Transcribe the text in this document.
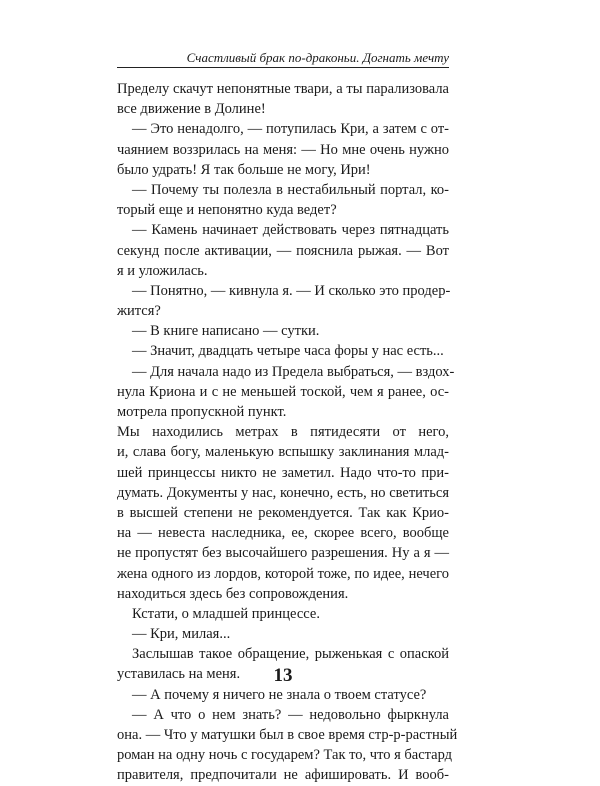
Счастливый брак по-драконьи. Догнать мечту
Пределу скачут непонятные твари, а ты парализовала
все движение в Долине!
— Это ненадолго, — потупилась Кри, а затем с от-
чаянием воззрилась на меня: — Но мне очень нужно
было удрать! Я так больше не могу, Ири!
— Почему ты полезла в нестабильный портал, ко-
торый еще и непонятно куда ведет?
— Камень начинает действовать через пятнадцать
секунд после активации, — пояснила рыжая. — Вот
я и уложилась.
— Понятно, — кивнула я. — И сколько это продер-
жится?
— В книге написано — сутки.
— Значит, двадцать четыре часа форы у нас есть...
— Для начала надо из Предела выбраться, — вздох-
нула Криона и с не меньшей тоской, чем я ранее, ос-
мотрела пропускной пункт.
Мы находились метрах в пятидесяти от него,
и, слава богу, маленькую вспышку заклинания млад-
шей принцессы никто не заметил. Надо что-то при-
думать. Документы у нас, конечно, есть, но светиться
в высшей степени не рекомендуется. Так как Крио-
на — невеста наследника, ее, скорее всего, вообще
не пропустят без высочайшего разрешения. Ну а я —
жена одного из лордов, которой тоже, по идее, нечего
находиться здесь без сопровождения.
Кстати, о младшей принцессе.
— Кри, милая...
Заслышав такое обращение, рыженькая с опаской
уставилась на меня.
— А почему я ничего не знала о твоем статусе?
— А что о нем знать? — недовольно фыркнула
она. — Что у матушки был в свое время стр-р-растный
роман на одну ночь с государем? Так то, что я бастард
правителя, предпочитали не афишировать. И вооб-
13
